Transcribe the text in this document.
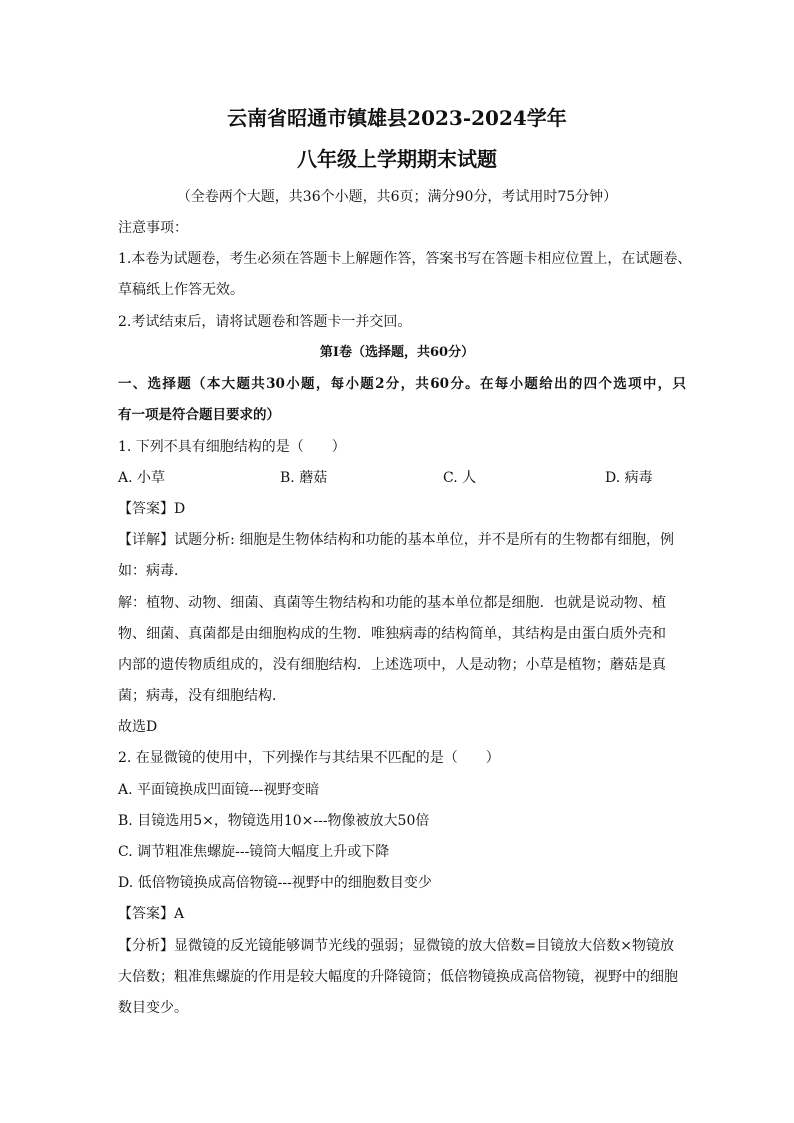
云南省昭通市镇雄县2023-2024学年
八年级上学期期末试题
（全卷两个大题，共36个小题，共6页；满分90分，考试用时75分钟）
注意事项：
1.本卷为试题卷，考生必须在答题卡上解题作答，答案书写在答题卡相应位置上，在试题卷、
草稿纸上作答无效。
2.考试结束后，请将试题卷和答题卡一并交回。
第Ⅰ卷（选择题，共60分）
一、选择题（本大题共30小题，每小题2分，共60分。在每小题给出的四个选项中，只
有一项是符合题目要求的）
1. 下列不具有细胞结构的是（　　）
A. 小草	B. 蘑菇	C. 人	D. 病毒
【答案】D
【详解】试题分析: 细胞是生物体结构和功能的基本单位，并不是所有的生物都有细胞，例
如：病毒．
解：植物、动物、细菌、真菌等生物结构和功能的基本单位都是细胞．也就是说动物、植
物、细菌、真菌都是由细胞构成的生物．唯独病毒的结构简单，其结构是由蛋白质外壳和
内部的遗传物质组成的，没有细胞结构．上述选项中，人是动物；小草是植物；蘑菇是真
菌；病毒，没有细胞结构．
故选D
2. 在显微镜的使用中，下列操作与其结果不匹配的是（　　）
A. 平面镜换成凹面镜---视野变暗
B. 目镜选用5×，物镜选用10×---物像被放大50倍
C. 调节粗准焦螺旋---镜筒大幅度上升或下降
D. 低倍物镜换成高倍物镜---视野中的细胞数目变少
【答案】A
【分析】显微镜的反光镜能够调节光线的强弱；显微镜的放大倍数=目镜放大倍数×物镜放
大倍数；粗准焦螺旋的作用是较大幅度的升降镜筒；低倍物镜换成高倍物镜，视野中的细胞
数目变少。
